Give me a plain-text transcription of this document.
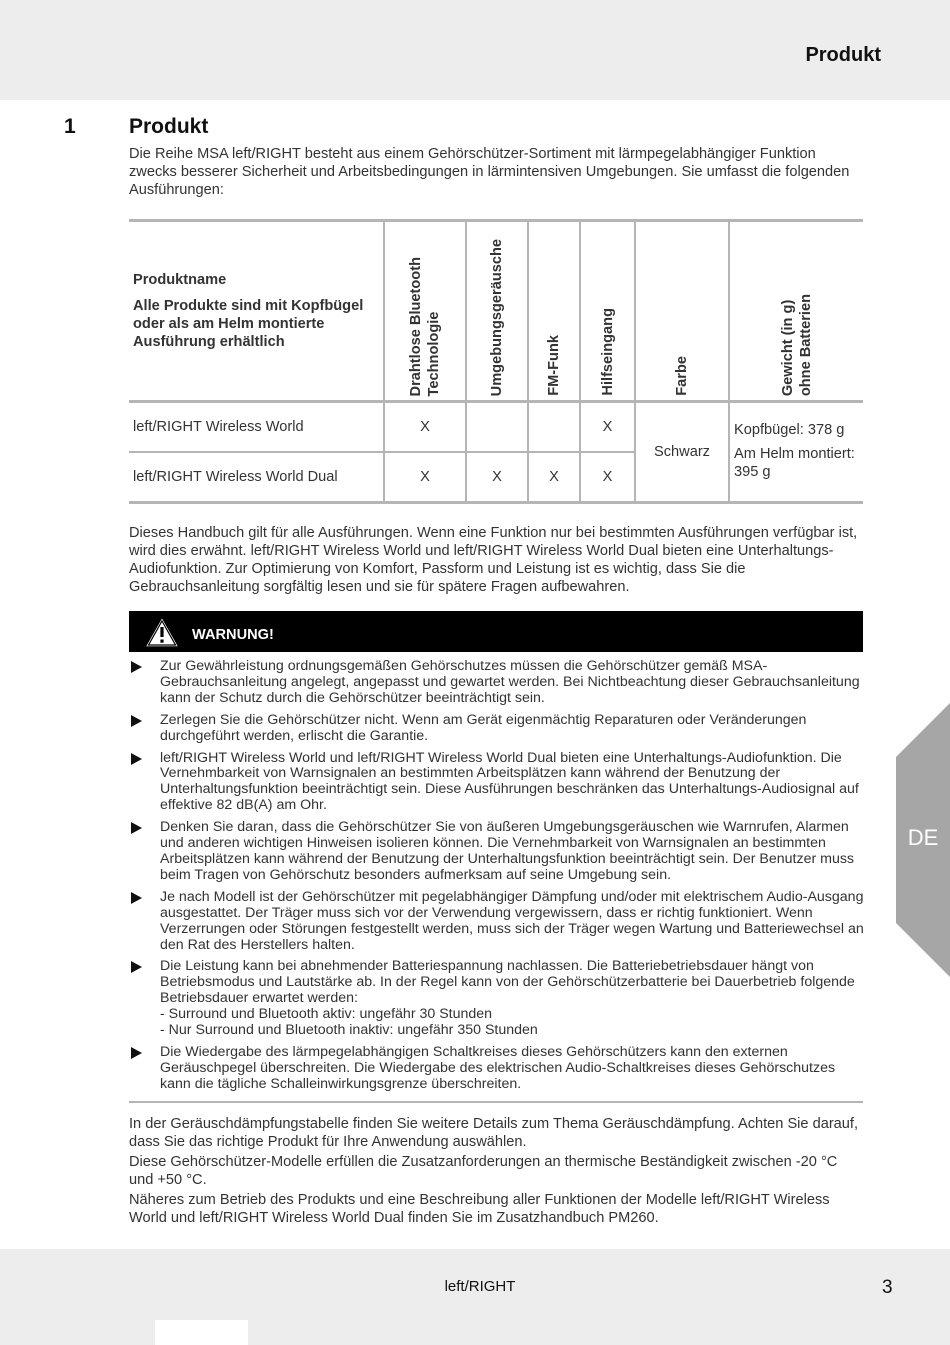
Produkt
1	Produkt

Die Reihe MSA left/RIGHT besteht aus einem Gehörschützer-Sortiment mit lärmpegelabhängiger Funktion zwecks besserer Sicherheit und Arbeitsbedingungen in lärmintensiven Umgebungen. Sie umfasst die folgenden Ausführungen:

Produktname
Alle Produkte sind mit Kopfbügel oder als am Helm montierte Ausführung erhältlich	Drahtlose Bluetooth
Technologie	Umgebungsgeräusche	FM-Funk	Hilfseingang	Farbe	Gewicht (in g)
ohne Batterien

left/RIGHT Wireless World	X			X	Schwarz	Kopfbügel: 378 g
Am Helm montiert: 395 g
left/RIGHT Wireless World Dual	X	X	X	X		

Dieses Handbuch gilt für alle Ausführungen. Wenn eine Funktion nur bei bestimmten Ausführungen verfügbar ist, wird dies erwähnt. left/RIGHT Wireless World und left/RIGHT Wireless World Dual bieten eine Unterhaltungs-Audiofunktion. Zur Optimierung von Komfort, Passform und Leistung ist es wichtig, dass Sie die Gebrauchsanleitung sorgfältig lesen und sie für spätere Fragen aufbewahren.

WARNUNG!
Zur Gewährleistung ordnungsgemäßen Gehörschutzes müssen die Gehörschützer gemäß MSA-Gebrauchsanleitung angelegt, angepasst und gewartet werden. Bei Nichtbeachtung dieser Gebrauchsanleitung kann der Schutz durch die Gehörschützer beeinträchtigt sein.
Zerlegen Sie die Gehörschützer nicht. Wenn am Gerät eigenmächtig Reparaturen oder Veränderungen durchgeführt werden, erlischt die Garantie.
left/RIGHT Wireless World und left/RIGHT Wireless World Dual bieten eine Unterhaltungs-Audiofunktion. Die Vernehmbarkeit von Warnsignalen an bestimmten Arbeitsplätzen kann während der Benutzung der Unterhaltungsfunktion beeinträchtigt sein. Diese Ausführungen beschränken das Unterhaltungs-Audiosignal auf effektive 82 dB(A) am Ohr.
Denken Sie daran, dass die Gehörschützer Sie von äußeren Umgebungsgeräuschen wie Warnrufen, Alarmen und anderen wichtigen Hinweisen isolieren können. Die Vernehmbarkeit von Warnsignalen an bestimmten Arbeitsplätzen kann während der Benutzung der Unterhaltungsfunktion beeinträchtigt sein. Der Benutzer muss beim Tragen von Gehörschutz besonders aufmerksam auf seine Umgebung sein.
Je nach Modell ist der Gehörschützer mit pegelabhängiger Dämpfung und/oder mit elektrischem Audio-Ausgang ausgestattet. Der Träger muss sich vor der Verwendung vergewissern, dass er richtig funktioniert. Wenn Verzerrungen oder Störungen festgestellt werden, muss sich der Träger wegen Wartung und Batteriewechsel an den Rat des Herstellers halten.
Die Leistung kann bei abnehmender Batteriespannung nachlassen. Die Batteriebetriebsdauer hängt von Betriebsmodus und Lautstärke ab. In der Regel kann von der Gehörschützerbatterie bei Dauerbetrieb folgende Betriebsdauer erwartet werden:
- Surround und Bluetooth aktiv: ungefähr 30 Stunden
- Nur Surround und Bluetooth inaktiv: ungefähr 350 Stunden
Die Wiedergabe des lärmpegelabhängigen Schaltkreises dieses Gehörschützers kann den externen Geräuschpegel überschreiten. Die Wiedergabe des elektrischen Audio-Schaltkreises dieses Gehörschutzes kann die tägliche Schalleinwirkungsgrenze überschreiten.

In der Geräuschdämpfungstabelle finden Sie weitere Details zum Thema Geräuschdämpfung. Achten Sie darauf, dass Sie das richtige Produkt für Ihre Anwendung auswählen.

Diese Gehörschützer-Modelle erfüllen die Zusatzanforderungen an thermische Beständigkeit zwischen -20 °C und +50 °C.

Näheres zum Betrieb des Produkts und eine Beschreibung aller Funktionen der Modelle left/RIGHT Wireless World und left/RIGHT Wireless World Dual finden Sie im Zusatzhandbuch PM260.

DE
left/RIGHT	3
